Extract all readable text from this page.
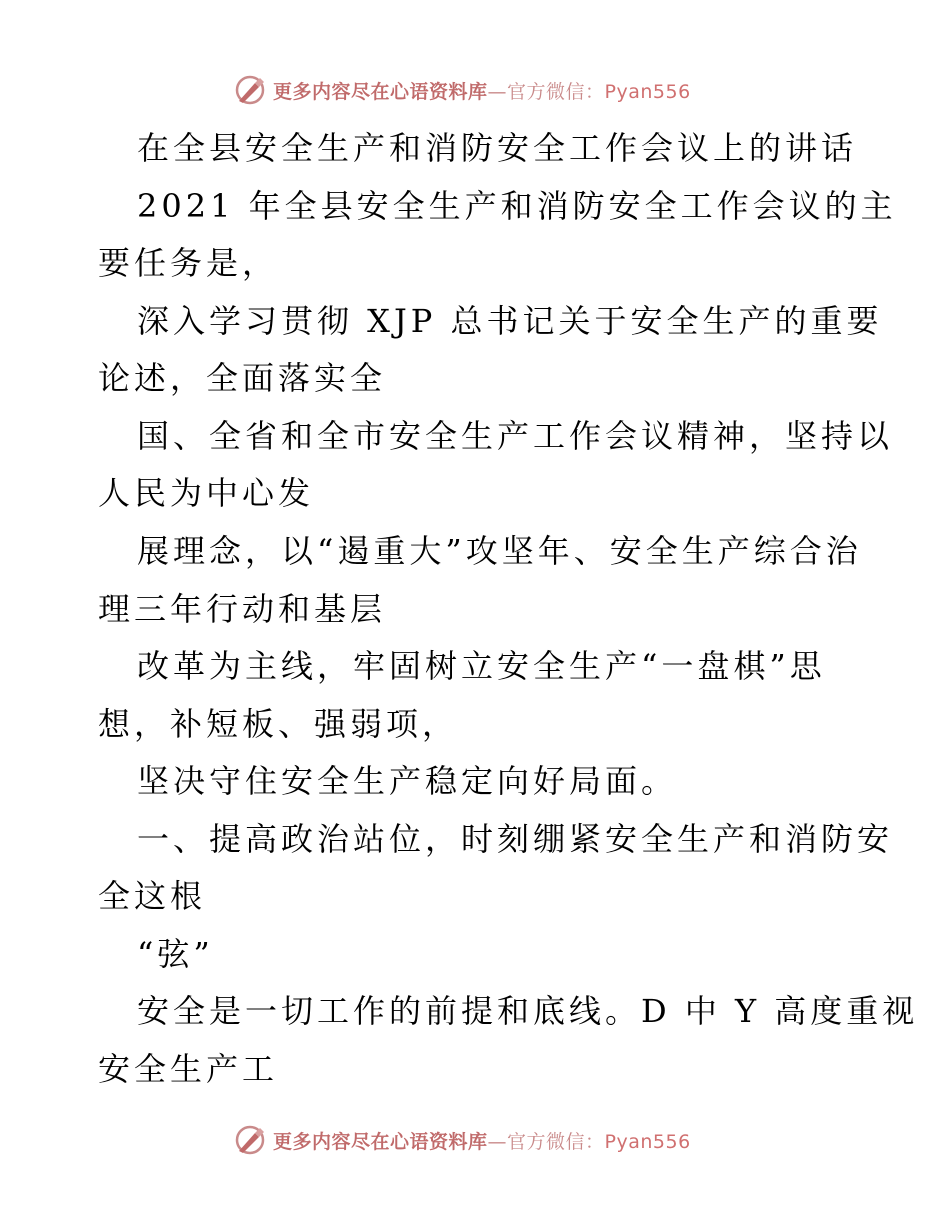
更多内容尽在心语资料库—官方微信：Pyan556
在全县安全生产和消防安全工作会议上的讲话
2021 年全县安全生产和消防安全工作会议的主
要任务是，
深入学习贯彻 XJP 总书记关于安全生产的重要
论述，全面落实全
国、全省和全市安全生产工作会议精神，坚持以
人民为中心发
展理念，以“遏重大”攻坚年、安全生产综合治
理三年行动和基层
改革为主线，牢固树立安全生产“一盘棋”思
想，补短板、强弱项，
坚决守住安全生产稳定向好局面。
一、提高政治站位，时刻绷紧安全生产和消防安
全这根
“弦”
安全是一切工作的前提和底线。D 中 Y 高度重视
安全生产工
更多内容尽在心语资料库—官方微信：Pyan556
